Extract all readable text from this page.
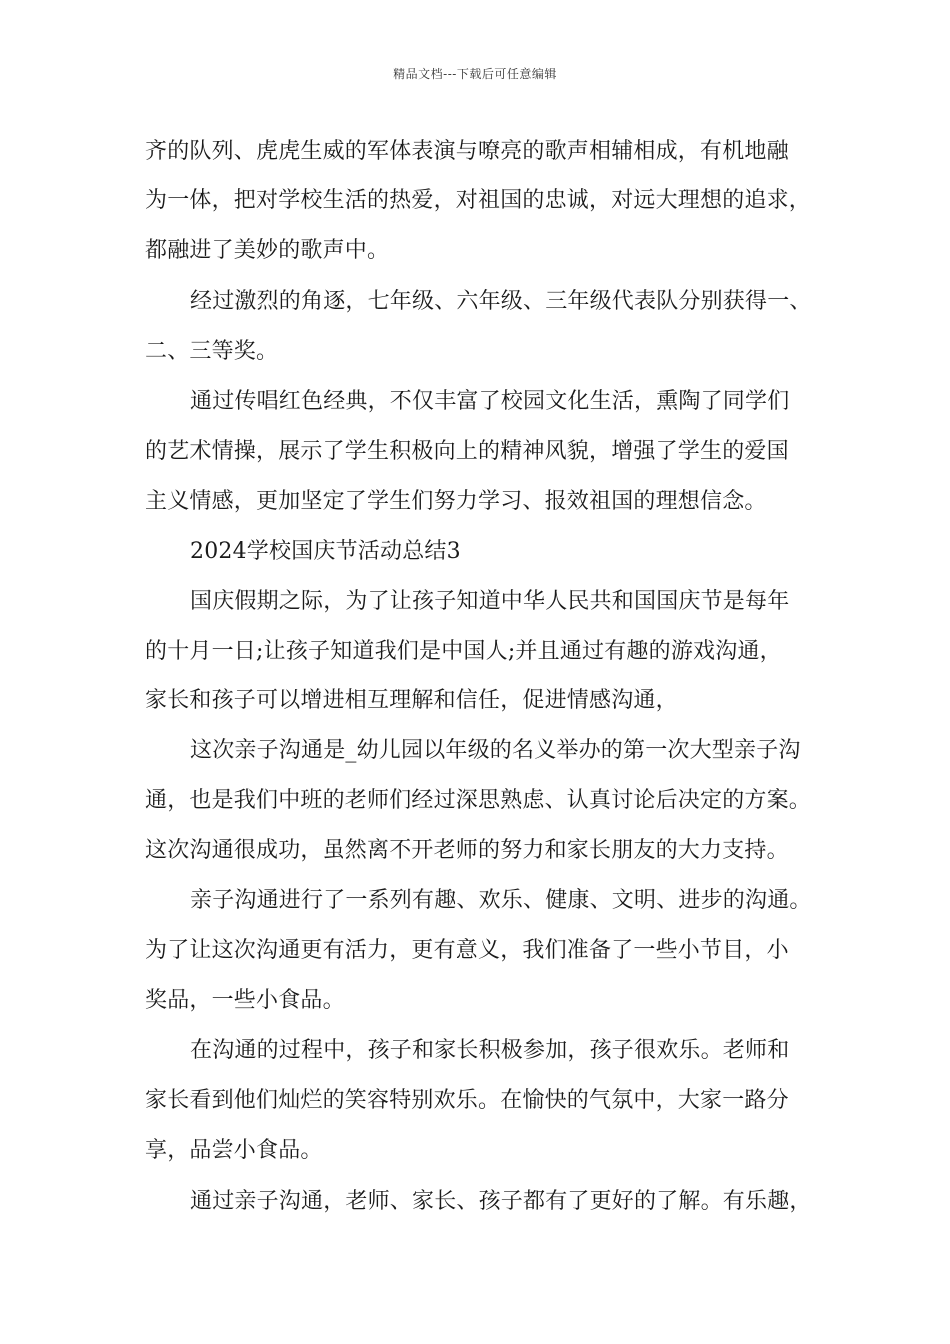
精品文档---下载后可任意编辑
齐的队列、虎虎生威的军体表演与嘹亮的歌声相辅相成，有机地融
为一体，把对学校生活的热爱，对祖国的忠诚，对远大理想的追求，
都融进了美妙的歌声中。
经过激烈的角逐，七年级、六年级、三年级代表队分别获得一、
二、三等奖。
通过传唱红色经典，不仅丰富了校园文化生活，熏陶了同学们
的艺术情操，展示了学生积极向上的精神风貌，增强了学生的爱国
主义情感，更加坚定了学生们努力学习、报效祖国的理想信念。
2024学校国庆节活动总结3
国庆假期之际，为了让孩子知道中华人民共和国国庆节是每年
的十月一日;让孩子知道我们是中国人;并且通过有趣的游戏沟通，
家长和孩子可以增进相互理解和信任，促进情感沟通，
这次亲子沟通是_幼儿园以年级的名义举办的第一次大型亲子沟
通，也是我们中班的老师们经过深思熟虑、认真讨论后决定的方案。
这次沟通很成功，虽然离不开老师的努力和家长朋友的大力支持。
亲子沟通进行了一系列有趣、欢乐、健康、文明、进步的沟通。
为了让这次沟通更有活力，更有意义，我们准备了一些小节目，小
奖品，一些小食品。
在沟通的过程中，孩子和家长积极参加，孩子很欢乐。老师和
家长看到他们灿烂的笑容特别欢乐。在愉快的气氛中，大家一路分
享，品尝小食品。
通过亲子沟通，老师、家长、孩子都有了更好的了解。有乐趣，
